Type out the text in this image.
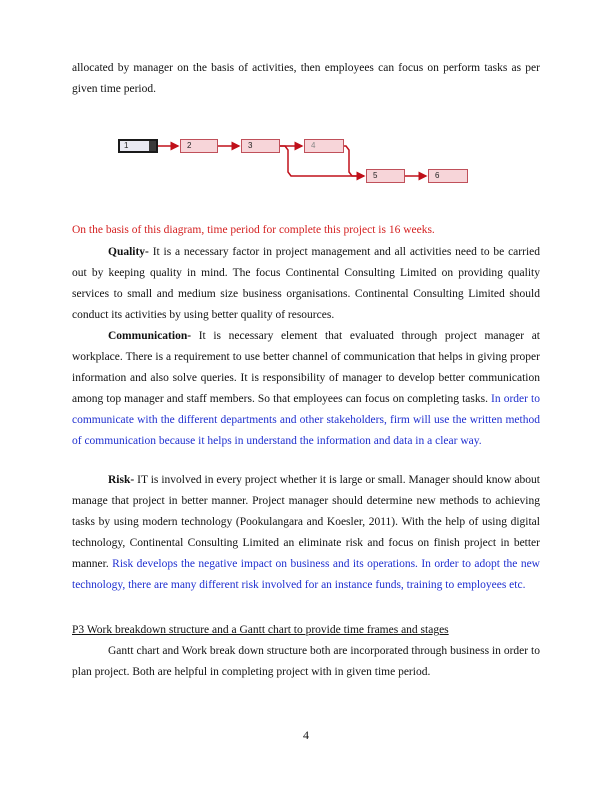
allocated by manager on the basis of activities, then employees can focus on perform tasks as per given time period.

1	2	3	4
5	6

On the basis of this diagram, time period for complete this project is 16 weeks.

Quality- It is a necessary factor in project management and all activities need to be carried out by keeping quality in mind. The focus Continental Consulting Limited on providing quality services to small and medium size business organisations. Continental Consulting Limited should conduct its activities by using better quality of resources.

Communication- It is necessary element that evaluated through project manager at workplace. There is a requirement to use better channel of communication that helps in giving proper information and also solve queries. It is responsibility of manager to develop better communication among top manager and staff members. So that employees can focus on completing tasks. In order to communicate with the different departments and other stakeholders, firm will use the written method of communication because it helps in understand the information and data in a clear way.

Risk- IT is involved in every project whether it is large or small. Manager should know about manage that project in better manner. Project manager should determine new methods to achieving tasks by using modern technology (Pookulangara and Koesler, 2011). With the help of using digital technology, Continental Consulting Limited an eliminate risk and focus on finish project in better manner. Risk develops the negative impact on business and its operations. In order to adopt the new technology, there are many different risk involved for an instance funds, training to employees etc.

P3 Work breakdown structure and a Gantt chart to provide time frames and stages

Gantt chart and Work break down structure both are incorporated through business in order to plan project. Both are helpful in completing project with in given time period.

4
